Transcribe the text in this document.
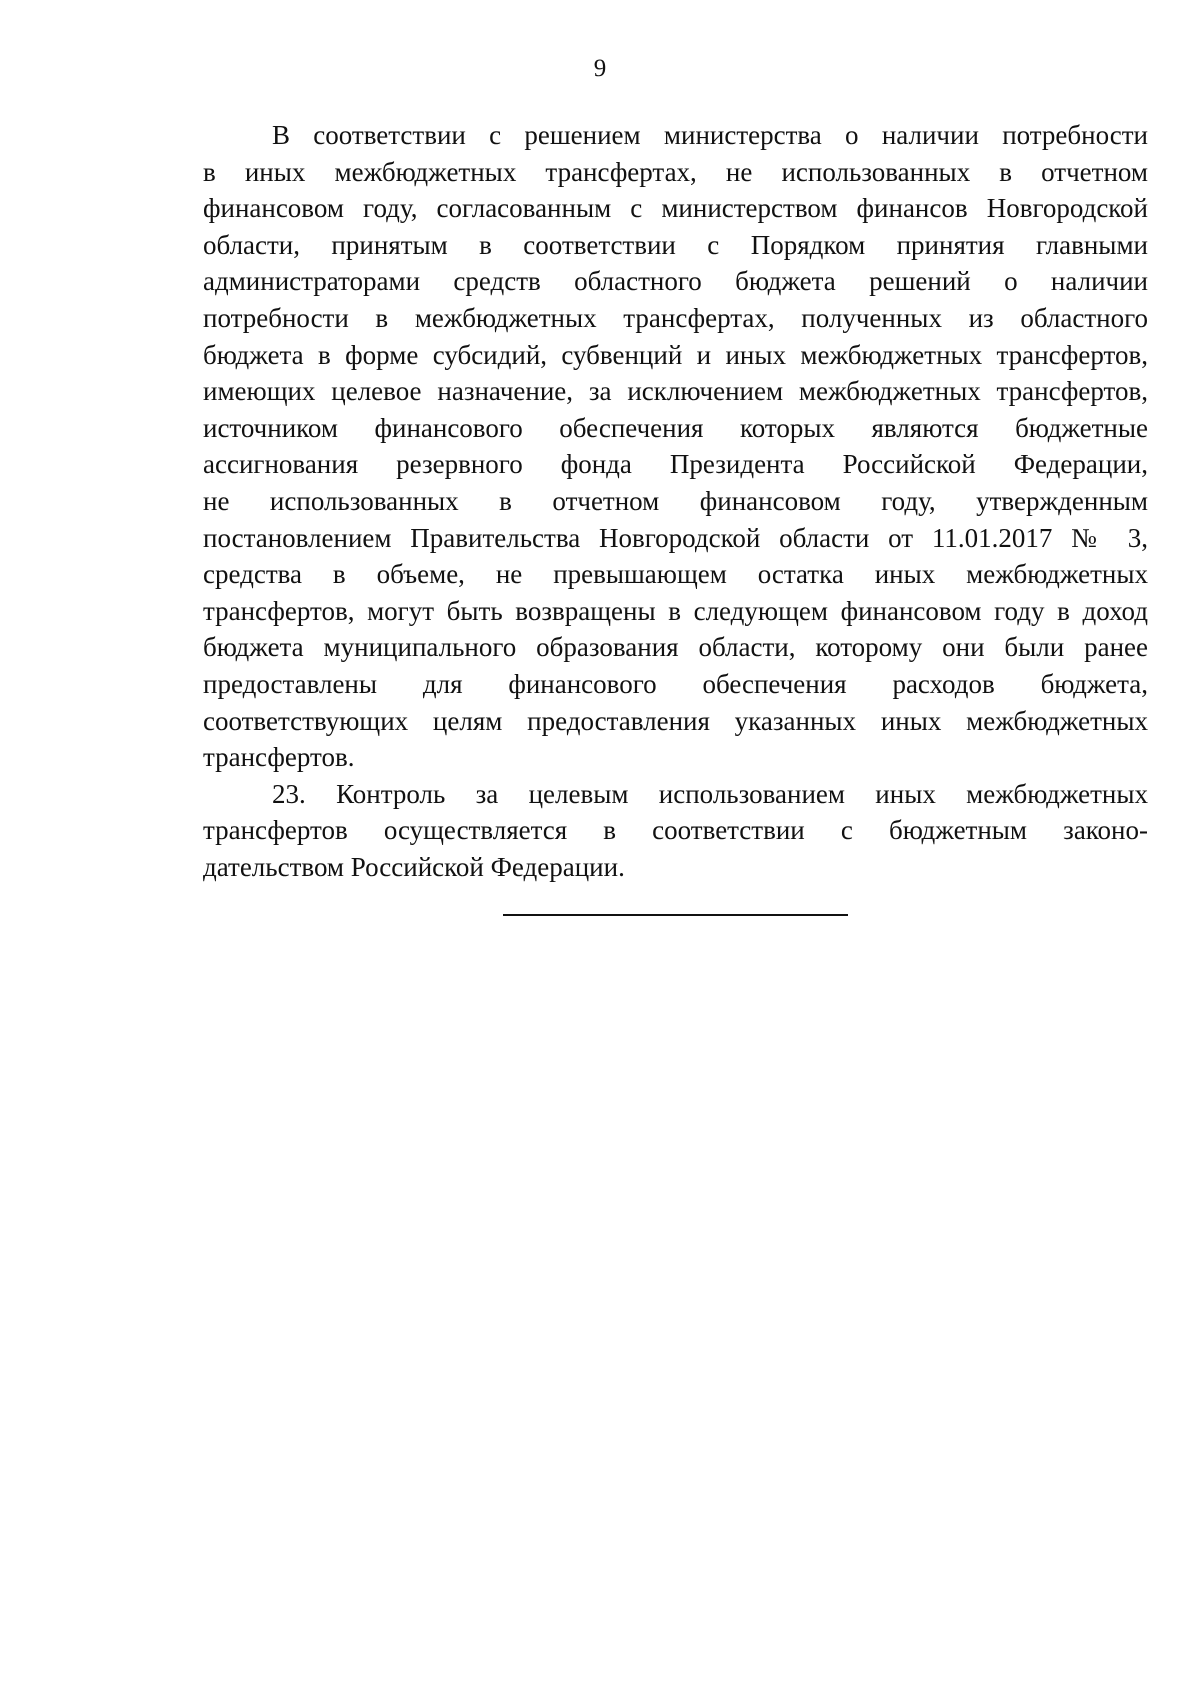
9
В соответствии с решением министерства о наличии потребности
в иных межбюджетных трансфертах, не использованных в отчетном
финансовом году, согласованным с министерством финансов Новгородской
области, принятым в соответствии с Порядком принятия главными
администраторами средств областного бюджета решений о наличии
потребности в межбюджетных трансфертах, полученных из областного
бюджета в форме субсидий, субвенций и иных межбюджетных трансфертов,
имеющих целевое назначение, за исключением межбюджетных трансфертов,
источником финансового обеспечения которых являются бюджетные
ассигнования резервного фонда Президента Российской Федерации,
не использованных в отчетном финансовом году, утвержденным
постановлением Правительства Новгородской области от 11.01.2017 № 3,
средства в объеме, не превышающем остатка иных межбюджетных
трансфертов, могут быть возвращены в следующем финансовом году в доход
бюджета муниципального образования области, которому они были ранее
предоставлены для финансового обеспечения расходов бюджета,
соответствующих целям предоставления указанных иных межбюджетных
трансфертов.
23. Контроль за целевым использованием иных межбюджетных
трансфертов осуществляется в соответствии с бюджетным законо-
дательством Российской Федерации.
